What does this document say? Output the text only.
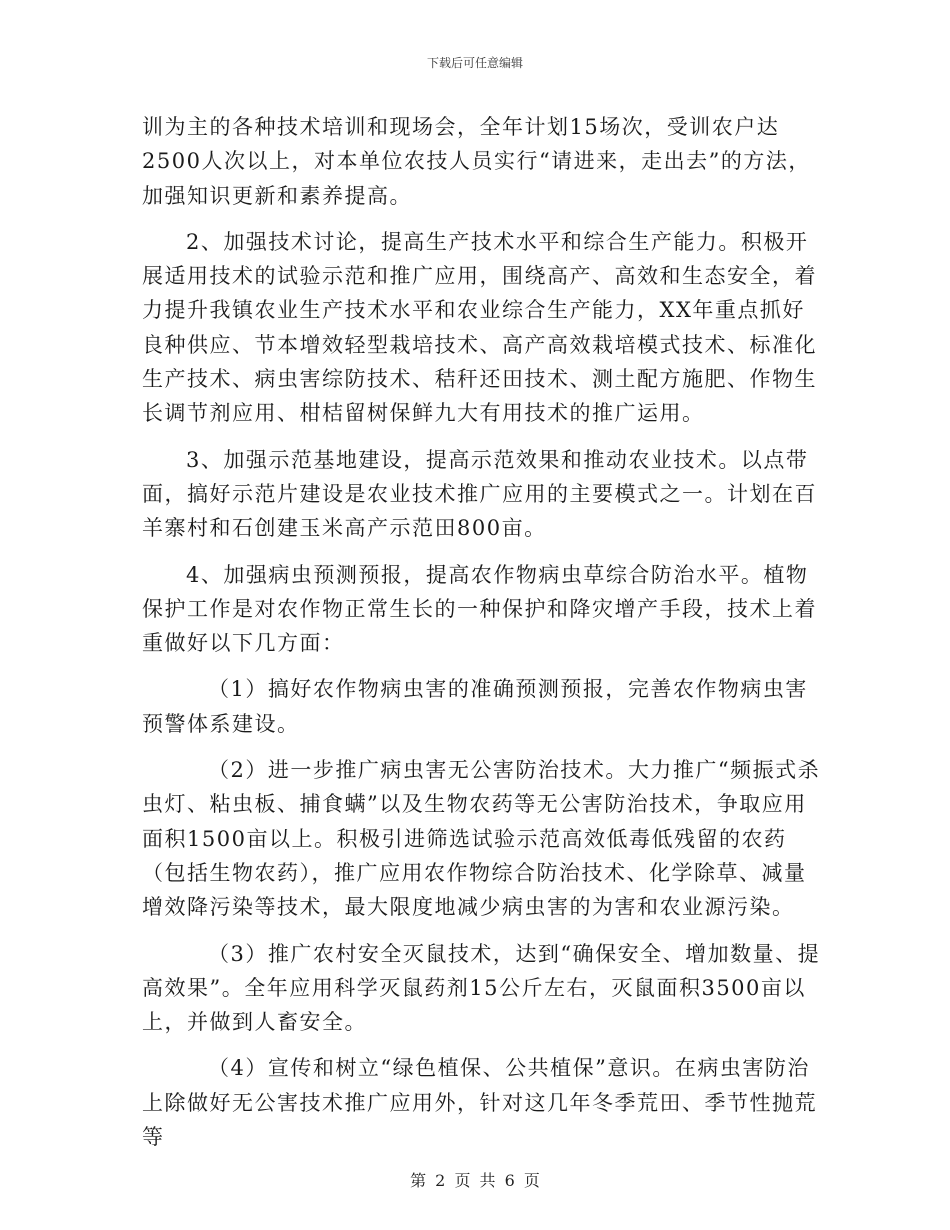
下载后可任意编辑

训为主的各种技术培训和现场会，全年计划15场次，受训农户达2500人次以上，对本单位农技人员实行“请进来，走出去”的方法，加强知识更新和素养提高。

2、加强技术讨论，提高生产技术水平和综合生产能力。积极开展适用技术的试验示范和推广应用，围绕高产、高效和生态安全，着力提升我镇农业生产技术水平和农业综合生产能力，XX年重点抓好良种供应、节本增效轻型栽培技术、高产高效栽培模式技术、标准化生产技术、病虫害综防技术、秸秆还田技术、测土配方施肥、作物生长调节剂应用、柑桔留树保鲜九大有用技术的推广运用。

3、加强示范基地建设，提高示范效果和推动农业技术。以点带面，搞好示范片建设是农业技术推广应用的主要模式之一。计划在百羊寨村和石创建玉米高产示范田800亩。

4、加强病虫预测预报，提高农作物病虫草综合防治水平。植物保护工作是对农作物正常生长的一种保护和降灾增产手段，技术上着重做好以下几方面：

（1）搞好农作物病虫害的准确预测预报，完善农作物病虫害预警体系建设。

（2）进一步推广病虫害无公害防治技术。大力推广“频振式杀虫灯、粘虫板、捕食螨”以及生物农药等无公害防治技术，争取应用面积1500亩以上。积极引进筛选试验示范高效低毒低残留的农药（包括生物农药），推广应用农作物综合防治技术、化学除草、减量增效降污染等技术，最大限度地减少病虫害的为害和农业源污染。

（3）推广农村安全灭鼠技术，达到“确保安全、增加数量、提高效果”。全年应用科学灭鼠药剂15公斤左右，灭鼠面积3500亩以上，并做到人畜安全。

（4）宣传和树立“绿色植保、公共植保”意识。在病虫害防治上除做好无公害技术推广应用外，针对这几年冬季荒田、季节性抛荒等

第 2 页 共 6 页
